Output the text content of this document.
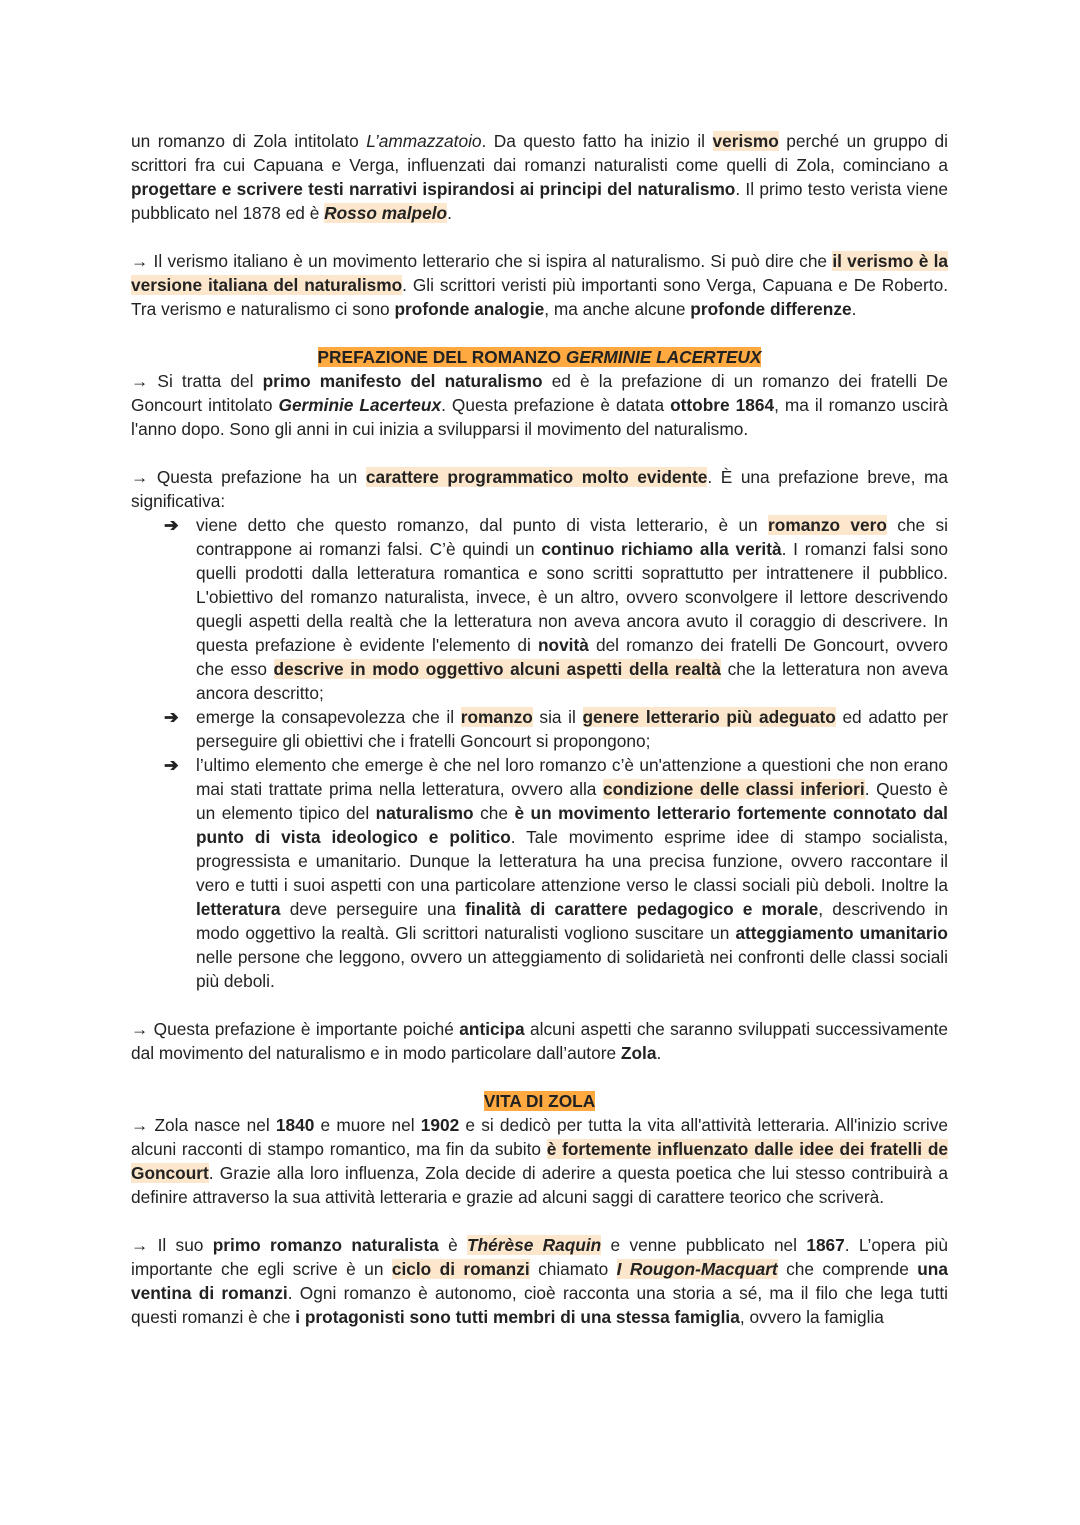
un romanzo di Zola intitolato L’ammazzatoio. Da questo fatto ha inizio il verismo perché un gruppo di scrittori fra cui Capuana e Verga, influenzati dai romanzi naturalisti come quelli di Zola, cominciano a progettare e scrivere testi narrativi ispirandosi ai principi del naturalismo. Il primo testo verista viene pubblicato nel 1878 ed è Rosso malpelo.

→ Il verismo italiano è un movimento letterario che si ispira al naturalismo. Si può dire che il verismo è la versione italiana del naturalismo. Gli scrittori veristi più importanti sono Verga, Capuana e De Roberto. Tra verismo e naturalismo ci sono profonde analogie, ma anche alcune profonde differenze.

PREFAZIONE DEL ROMANZO GERMINIE LACERTEUX

→ Si tratta del primo manifesto del naturalismo ed è la prefazione di un romanzo dei fratelli De Goncourt intitolato Germinie Lacerteux. Questa prefazione è datata ottobre 1864, ma il romanzo uscirà l'anno dopo. Sono gli anni in cui inizia a svilupparsi il movimento del naturalismo.

→ Questa prefazione ha un carattere programmatico molto evidente. È una prefazione breve, ma significativa:

➔ viene detto che questo romanzo, dal punto di vista letterario, è un romanzo vero che si contrappone ai romanzi falsi. C’è quindi un continuo richiamo alla verità. I romanzi falsi sono quelli prodotti dalla letteratura romantica e sono scritti soprattutto per intrattenere il pubblico. L'obiettivo del romanzo naturalista, invece, è un altro, ovvero sconvolgere il lettore descrivendo quegli aspetti della realtà che la letteratura non aveva ancora avuto il coraggio di descrivere. In questa prefazione è evidente l'elemento di novità del romanzo dei fratelli De Goncourt, ovvero che esso descrive in modo oggettivo alcuni aspetti della realtà che la letteratura non aveva ancora descritto;
➔ emerge la consapevolezza che il romanzo sia il genere letterario più adeguato ed adatto per perseguire gli obiettivi che i fratelli Goncourt si propongono;
➔ l’ultimo elemento che emerge è che nel loro romanzo c’è un'attenzione a questioni che non erano mai stati trattate prima nella letteratura, ovvero alla condizione delle classi inferiori. Questo è un elemento tipico del naturalismo che è un movimento letterario fortemente connotato dal punto di vista ideologico e politico. Tale movimento esprime idee di stampo socialista, progressista e umanitario. Dunque la letteratura ha una precisa funzione, ovvero raccontare il vero e tutti i suoi aspetti con una particolare attenzione verso le classi sociali più deboli. Inoltre la letteratura deve perseguire una finalità di carattere pedagogico e morale, descrivendo in modo oggettivo la realtà. Gli scrittori naturalisti vogliono suscitare un atteggiamento umanitario nelle persone che leggono, ovvero un atteggiamento di solidarietà nei confronti delle classi sociali più deboli.

→ Questa prefazione è importante poiché anticipa alcuni aspetti che saranno sviluppati successivamente dal movimento del naturalismo e in modo particolare dall’autore Zola.

VITA DI ZOLA

→ Zola nasce nel 1840 e muore nel 1902 e si dedicò per tutta la vita all'attività letteraria. All'inizio scrive alcuni racconti di stampo romantico, ma fin da subito è fortemente influenzato dalle idee dei fratelli de Goncourt. Grazie alla loro influenza, Zola decide di aderire a questa poetica che lui stesso contribuirà a definire attraverso la sua attività letteraria e grazie ad alcuni saggi di carattere teorico che scriverà.

→ Il suo primo romanzo naturalista è Thérèse Raquin e venne pubblicato nel 1867. L’opera più importante che egli scrive è un ciclo di romanzi chiamato I Rougon-Macquart che comprende una ventina di romanzi. Ogni romanzo è autonomo, cioè racconta una storia a sé, ma il filo che lega tutti questi romanzi è che i protagonisti sono tutti membri di una stessa famiglia, ovvero la famiglia
